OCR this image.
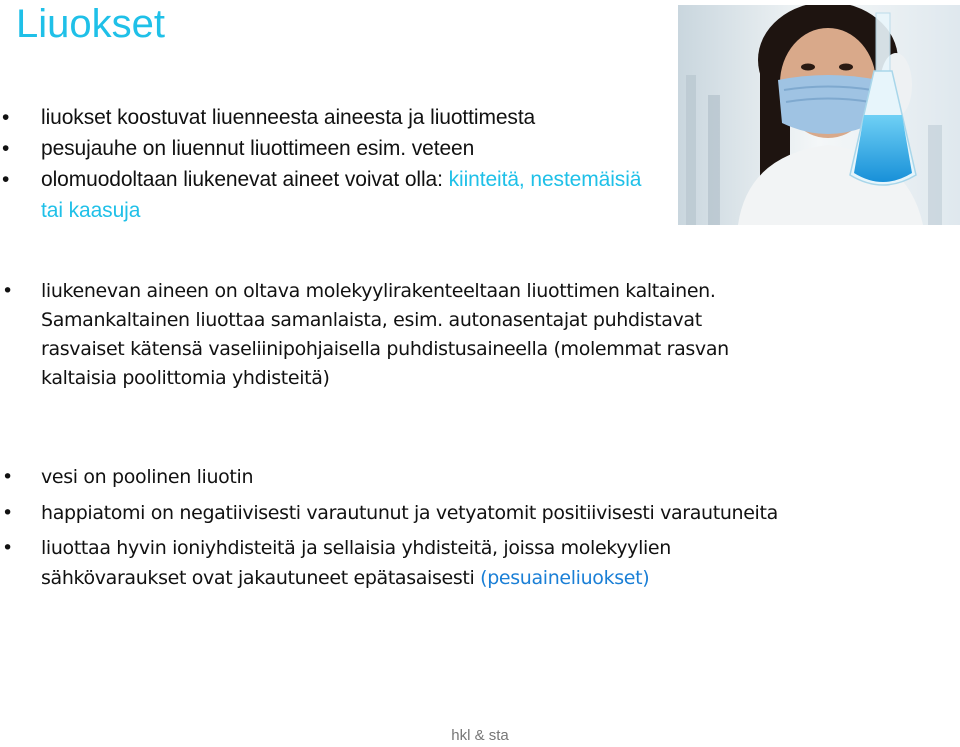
Liuokset
• liuokset koostuvat liuenneesta aineesta ja liuottimesta
• pesujauhe on liuennut liuottimeen esim. veteen
• olomuodoltaan liukenevat aineet voivat olla: kiinteitä, nestemäisiä tai kaasuja
• liukenevan aineen on oltava molekyylirakenteeltaan liuottimen kaltainen. Samankaltainen liuottaa samanlaista, esim. autonasentajat puhdistavat rasvaiset kätensä vaseliinipohjaisella puhdistusaineella (molemmat rasvan kaltaisia poolittomia yhdisteitä)
• vesi on poolinen liuotin
• happiatomi on negatiivisesti varautunut ja vetyatomit positiivisesti varautuneita
• liuottaa hyvin ioniyhdisteitä ja sellaisia yhdisteitä, joissa molekyylien sähkövaraukset ovat jakautuneet epätasaisesti (pesuaineliuokset)
hkl & sta
